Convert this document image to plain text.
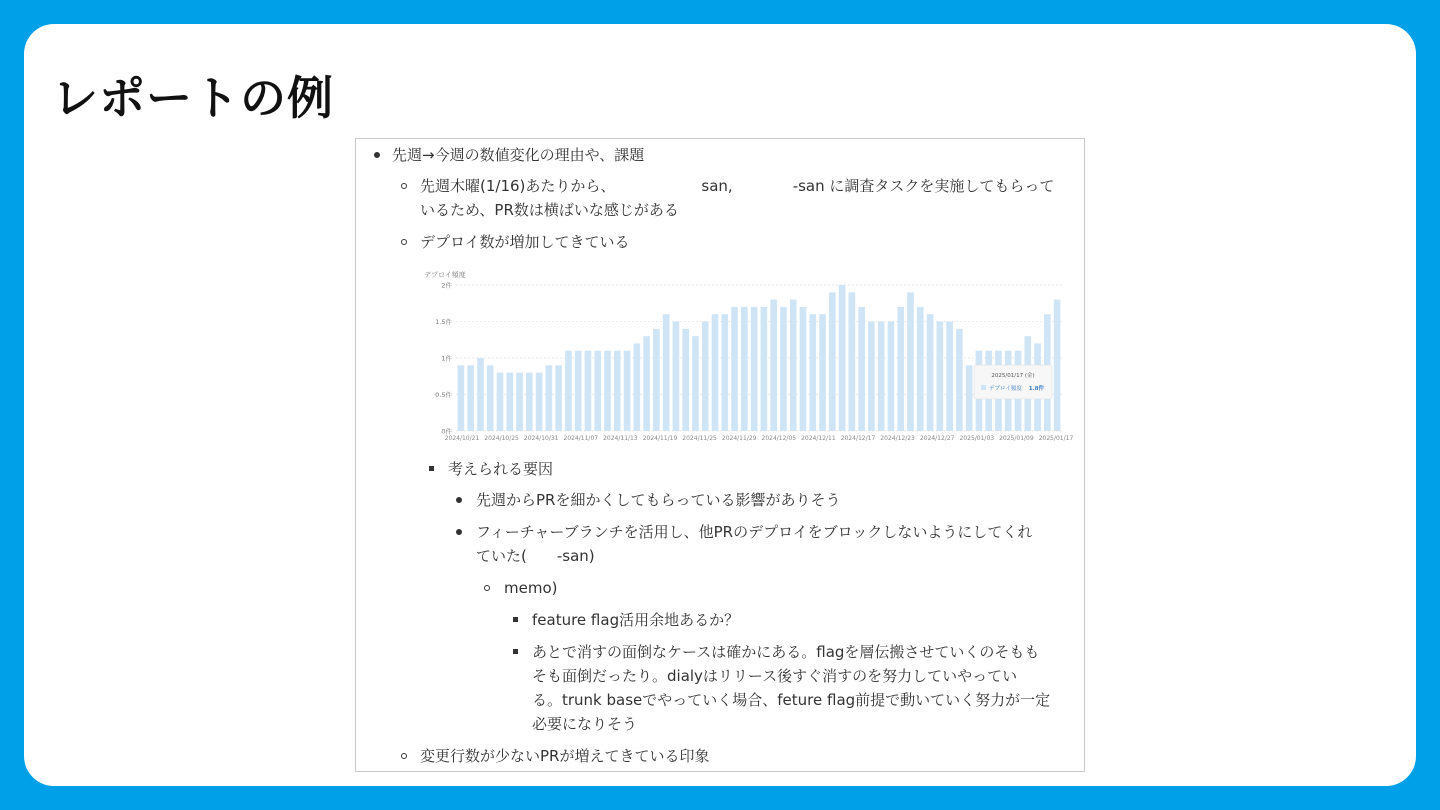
レポートの例
先週→今週の数値変化の理由や、課題
先週木曜(1/16)あたりから、	san,	-san に調査タスクを実施してもらって
いるため、PR数は横ばいな感じがある
デプロイ数が増加してきている
デプロイ頻度
0件
0.5件
1件
1.5件
2件
2024/10/21 2024/10/25 2024/10/31 2024/11/07 2024/11/13 2024/11/19 2024/11/25 2024/11/29 2024/12/05 2024/12/11 2024/12/17 2024/12/23 2024/12/27 2025/01/03 2025/01/09 2025/01/17
2025/01/17 (金)
デプロイ頻度 1.8件
考えられる要因
先週からPRを細かくしてもらっている影響がありそう
フィーチャーブランチを活用し、他PRのデプロイをブロックしないようにしてくれ
ていた( -san)
memo)
feature flag活用余地あるか？
あとで消すの面倒なケースは確かにある。flagを層伝搬させていくのそもも
そも面倒だったり。dialyはリリース後すぐ消すのを努力していやってい
る。trunk baseでやっていく場合、feture flag前提で動いていく努力が一定
必要になりそう
変更行数が少ないPRが増えてきている印象
